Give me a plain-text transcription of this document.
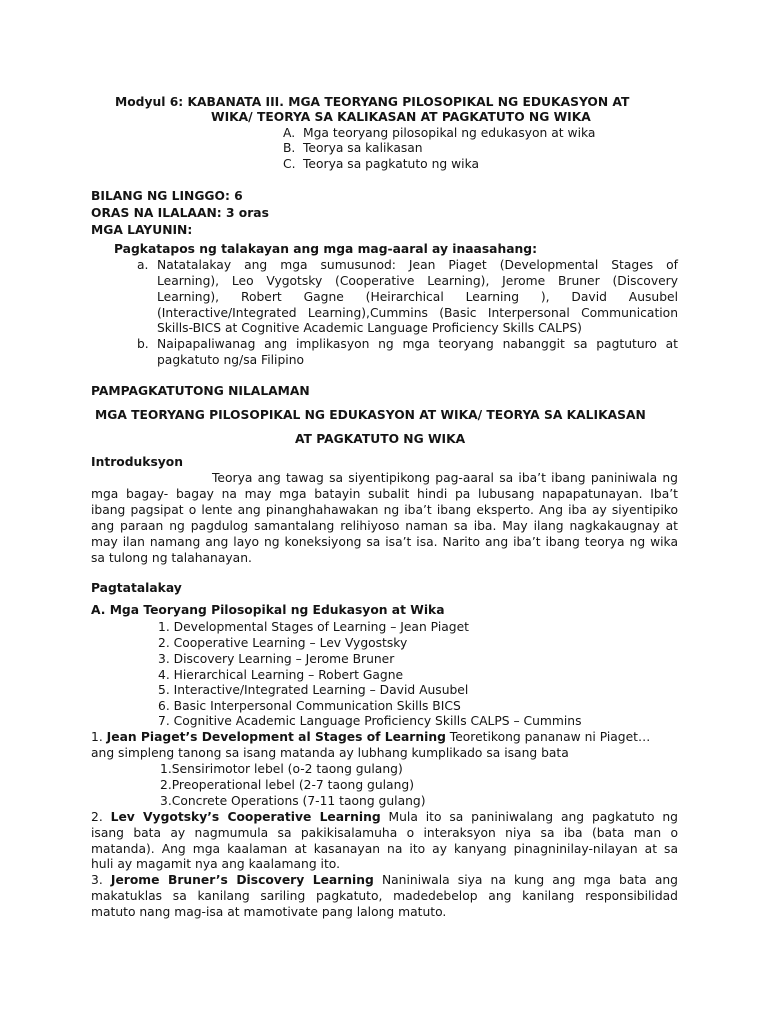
Modyul 6: KABANATA III. MGA TEORYANG PILOSOPIKAL NG EDUKASYON AT
WIKA/ TEORYA SA KALIKASAN AT PAGKATUTO NG WIKA
A. Mga teoryang pilosopikal ng edukasyon at wika
B. Teorya sa kalikasan
C. Teorya sa pagkatuto ng wika
BILANG NG LINGGO: 6
ORAS NA ILALAAN: 3 oras
MGA LAYUNIN:
Pagkatapos ng talakayan ang mga mag-aaral ay inaasahang:
a. Natatalakay ang mga sumusunod: Jean Piaget (Developmental Stages of
Learning), Leo Vygotsky (Cooperative Learning), Jerome Bruner (Discovery
Learning), Robert Gagne (Heirarchical Learning ), David Ausubel
(Interactive/Integrated Learning),Cummins (Basic Interpersonal Communication
Skills-BICS at Cognitive Academic Language Proficiency Skills CALPS)
b. Naipapaliwanag ang implikasyon ng mga teoryang nabanggit sa pagtuturo at
pagkatuto ng/sa Filipino
PAMPAGKATUTONG NILALAMAN
MGA TEORYANG PILOSOPIKAL NG EDUKASYON AT WIKA/ TEORYA SA KALIKASAN
AT PAGKATUTO NG WIKA
Introduksyon
Teorya ang tawag sa siyentipikong pag-aaral sa iba’t ibang paniniwala ng
mga bagay- bagay na may mga batayin subalit hindi pa lubusang napapatunayan. Iba’t
ibang pagsipat o lente ang pinanghahawakan ng iba’t ibang eksperto. Ang iba ay siyentipiko
ang paraan ng pagdulog samantalang relihiyoso naman sa iba. May ilang nagkakaugnay at
may ilan namang ang layo ng koneksiyong sa isa’t isa. Narito ang iba’t ibang teorya ng wika
sa tulong ng talahanayan.
Pagtatalakay
A. Mga Teoryang Pilosopikal ng Edukasyon at Wika
1. Developmental Stages of Learning – Jean Piaget
2. Cooperative Learning – Lev Vygostsky
3. Discovery Learning – Jerome Bruner
4. Hierarchical Learning – Robert Gagne
5. Interactive/Integrated Learning – David Ausubel
6. Basic Interpersonal Communication Skills BICS
7. Cognitive Academic Language Proficiency Skills CALPS – Cummins
1. Jean Piaget’s Development al Stages of Learning Teoretikong pananaw ni Piaget…
ang simpleng tanong sa isang matanda ay lubhang kumplikado sa isang bata
1.Sensirimotor lebel (o-2 taong gulang)
2.Preoperational lebel (2-7 taong gulang)
3.Concrete Operations (7-11 taong gulang)
2. Lev Vygotsky’s Cooperative Learning Mula ito sa paniniwalang ang pagkatuto ng
isang bata ay nagmumula sa pakikisalamuha o interaksyon niya sa iba (bata man o
matanda). Ang mga kaalaman at kasanayan na ito ay kanyang pinagninilay-nilayan at sa
huli ay magamit nya ang kaalamang ito.
3. Jerome Bruner’s Discovery Learning Naniniwala siya na kung ang mga bata ang
makatuklas sa kanilang sariling pagkatuto, madedebelop ang kanilang responsibilidad
matuto nang mag-isa at mamotivate pang lalong matuto.
